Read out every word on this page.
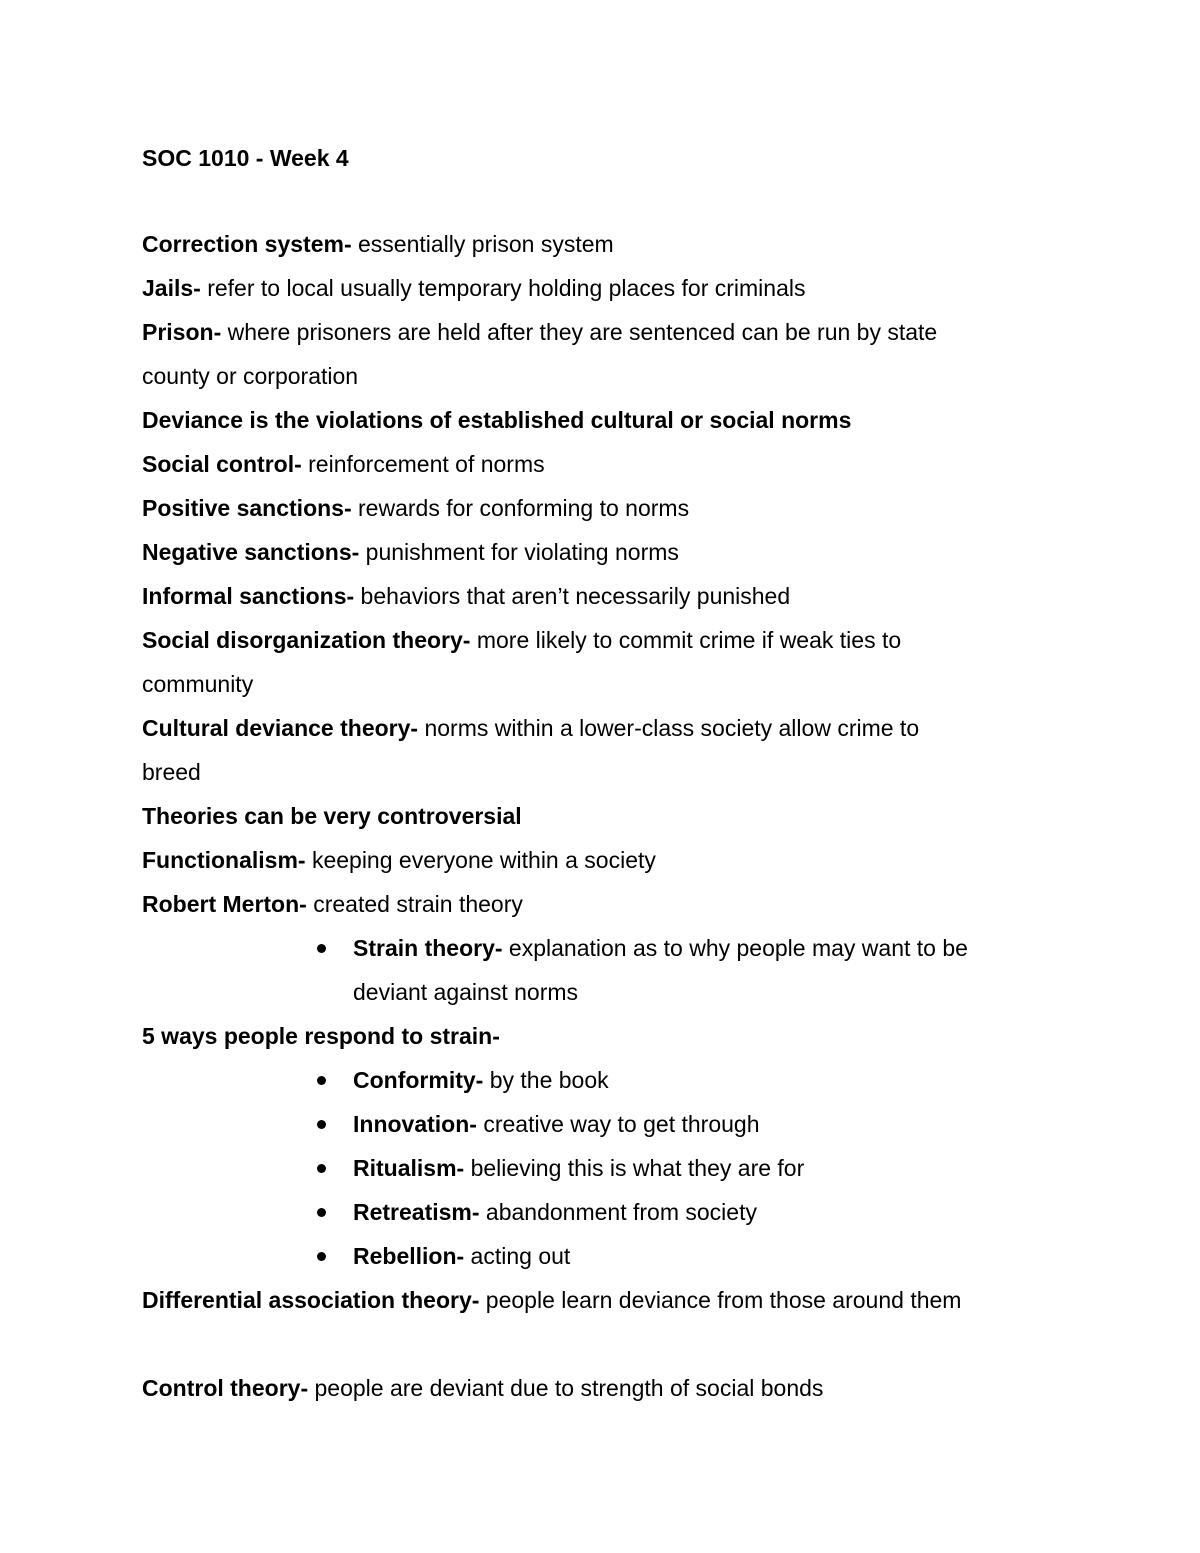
SOC 1010 - Week 4

Correction system- essentially prison system

Jails- refer to local usually temporary holding places for criminals

Prison- where prisoners are held after they are sentenced can be run by state

county or corporation

Deviance is the violations of established cultural or social norms

Social control- reinforcement of norms

Positive sanctions- rewards for conforming to norms

Negative sanctions- punishment for violating norms

Informal sanctions- behaviors that aren’t necessarily punished

Social disorganization theory- more likely to commit crime if weak ties to

community

Cultural deviance theory- norms within a lower-class society allow crime to

breed

Theories can be very controversial

Functionalism- keeping everyone within a society

Robert Merton- created strain theory

Strain theory- explanation as to why people may want to be
deviant against norms

5 ways people respond to strain-

Conformity- by the book
Innovation- creative way to get through
Ritualism- believing this is what they are for
Retreatism- abandonment from society
Rebellion- acting out

Differential association theory- people learn deviance from those around them

Control theory- people are deviant due to strength of social bonds
